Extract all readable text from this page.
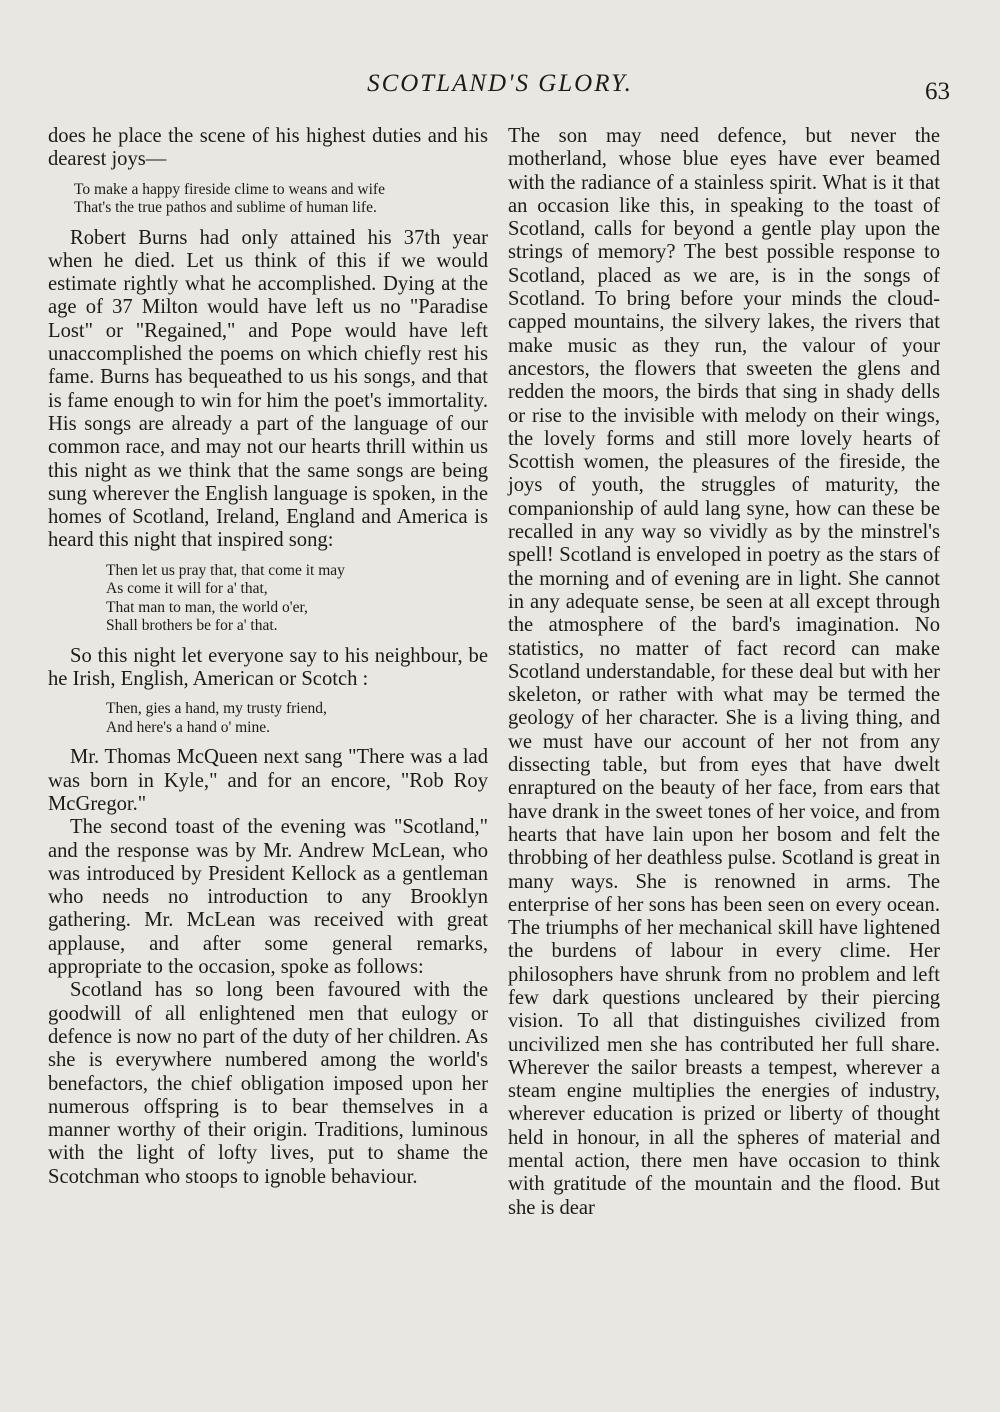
SCOTLAND'S GLORY.	63

does he place the scene of his highest duties and his dearest joys—

To make a happy fireside clime to weans and wife
That's the true pathos and sublime of human life.

Robert Burns had only attained his 37th year when he died. Let us think of this if we would estimate rightly what he accomplished. Dying at the age of 37 Milton would have left us no "Paradise Lost" or "Regained," and Pope would have left unaccomplished the poems on which chiefly rest his fame. Burns has bequeathed to us his songs, and that is fame enough to win for him the poet's immortality. His songs are already a part of the language of our common race, and may not our hearts thrill within us this night as we think that the same songs are being sung wherever the English language is spoken, in the homes of Scotland, Ireland, England and America is heard this night that inspired song:

Then let us pray that, that come it may
As come it will for a' that,
That man to man, the world o'er,
Shall brothers be for a' that.

So this night let everyone say to his neighbour, be he Irish, English, American or Scotch :

Then, gies a hand, my trusty friend,
And here's a hand o' mine.

Mr. Thomas McQueen next sang "There was a lad was born in Kyle," and for an encore, "Rob Roy McGregor."

The second toast of the evening was "Scotland," and the response was by Mr. Andrew McLean, who was introduced by President Kellock as a gentleman who needs no introduction to any Brooklyn gathering. Mr. McLean was received with great applause, and after some general remarks, appropriate to the occasion, spoke as follows:

Scotland has so long been favoured with the goodwill of all enlightened men that eulogy or defence is now no part of the duty of her children. As she is everywhere numbered among the world's benefactors, the chief obligation imposed upon her numerous offspring is to bear themselves in a manner worthy of their origin. Traditions, luminous with the light of lofty lives, put to shame the Scotchman who stoops to ignoble behaviour.

The son may need defence, but never the motherland, whose blue eyes have ever beamed with the radiance of a stainless spirit. What is it that an occasion like this, in speaking to the toast of Scotland, calls for beyond a gentle play upon the strings of memory? The best possible response to Scotland, placed as we are, is in the songs of Scotland. To bring before your minds the cloud-capped mountains, the silvery lakes, the rivers that make music as they run, the valour of your ancestors, the flowers that sweeten the glens and redden the moors, the birds that sing in shady dells or rise to the invisible with melody on their wings, the lovely forms and still more lovely hearts of Scottish women, the pleasures of the fireside, the joys of youth, the struggles of maturity, the companionship of auld lang syne, how can these be recalled in any way so vividly as by the minstrel's spell! Scotland is enveloped in poetry as the stars of the morning and of evening are in light. She cannot in any adequate sense, be seen at all except through the atmosphere of the bard's imagination. No statistics, no matter of fact record can make Scotland understandable, for these deal but with her skeleton, or rather with what may be termed the geology of her character. She is a living thing, and we must have our account of her not from any dissecting table, but from eyes that have dwelt enraptured on the beauty of her face, from ears that have drank in the sweet tones of her voice, and from hearts that have lain upon her bosom and felt the throbbing of her deathless pulse. Scotland is great in many ways. She is renowned in arms. The enterprise of her sons has been seen on every ocean. The triumphs of her mechanical skill have lightened the burdens of labour in every clime. Her philosophers have shrunk from no problem and left few dark questions uncleared by their piercing vision. To all that distinguishes civilized from uncivilized men she has contributed her full share. Wherever the sailor breasts a tempest, wherever a steam engine multiplies the energies of industry, wherever education is prized or liberty of thought held in honour, in all the spheres of material and mental action, there men have occasion to think with gratitude of the mountain and the flood. But she is dear
